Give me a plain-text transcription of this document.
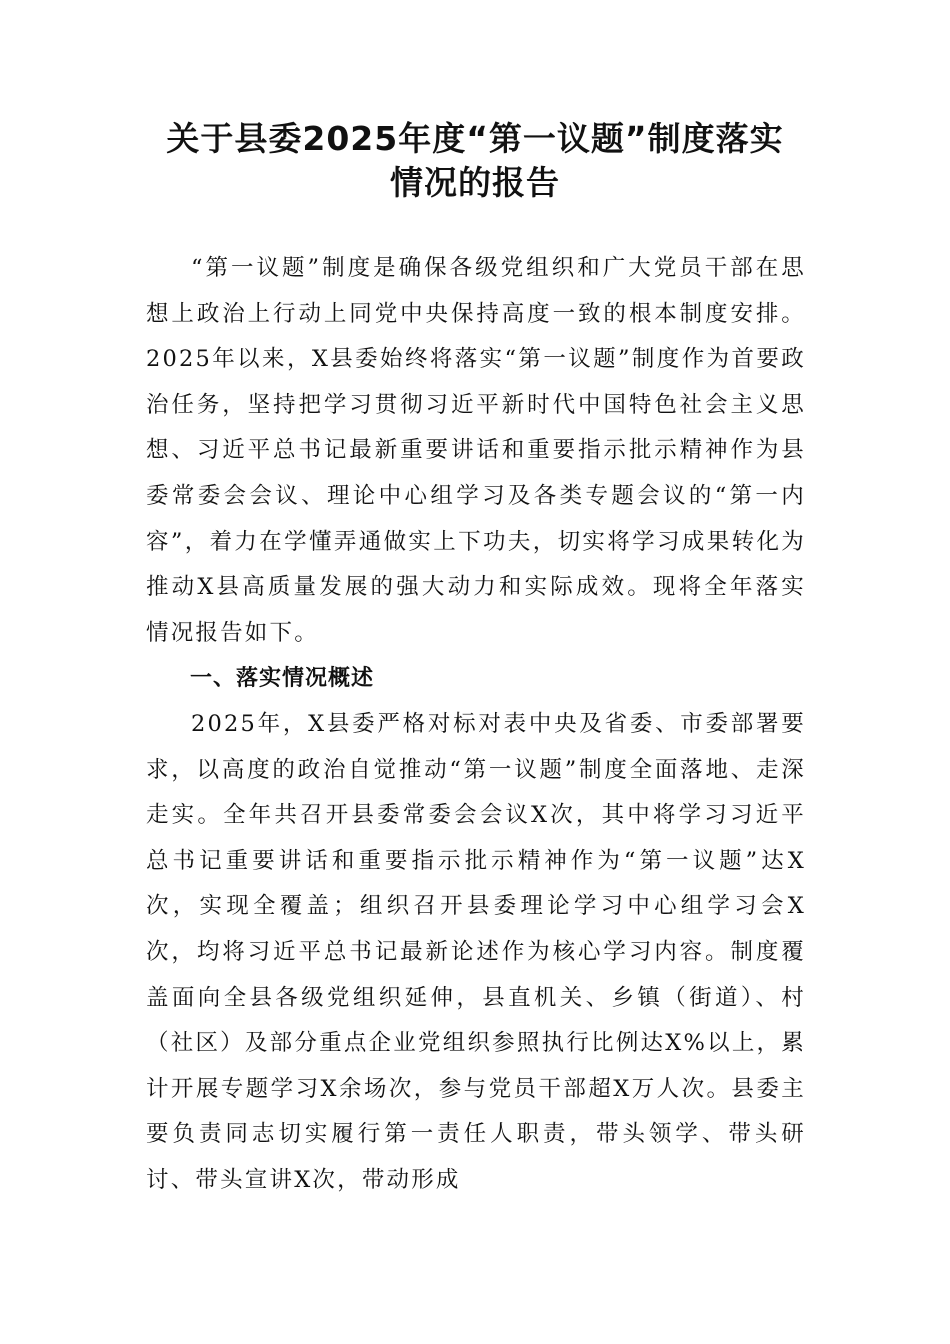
关于县委2025年度“第一议题”制度落实
情况的报告

“第一议题”制度是确保各级党组织和广大党员干部在思想上政治上行动上同党中央保持高度一致的根本制度安排。2025年以来，X县委始终将落实“第一议题”制度作为首要政治任务，坚持把学习贯彻习近平新时代中国特色社会主义思想、习近平总书记最新重要讲话和重要指示批示精神作为县委常委会会议、理论中心组学习及各类专题会议的“第一内容”，着力在学懂弄通做实上下功夫，切实将学习成果转化为推动X县高质量发展的强大动力和实际成效。现将全年落实情况报告如下。

一、落实情况概述

2025年，X县委严格对标对表中央及省委、市委部署要求，以高度的政治自觉推动“第一议题”制度全面落地、走深走实。全年共召开县委常委会会议X次，其中将学习习近平总书记重要讲话和重要指示批示精神作为“第一议题”达X次，实现全覆盖；组织召开县委理论学习中心组学习会X次，均将习近平总书记最新论述作为核心学习内容。制度覆盖面向全县各级党组织延伸，县直机关、乡镇（街道）、村（社区）及部分重点企业党组织参照执行比例达X%以上，累计开展专题学习X余场次，参与党员干部超X万人次。县委主要负责同志切实履行第一责任人职责，带头领学、带头研讨、带头宣讲X次，带动形成
